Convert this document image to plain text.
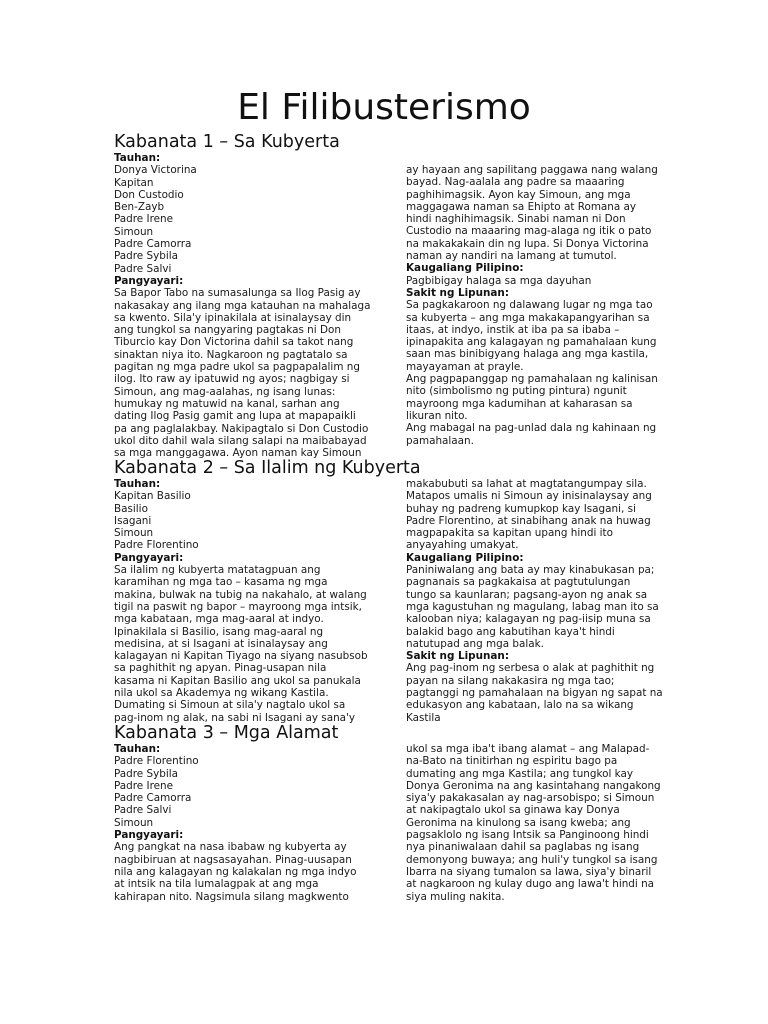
El Filibusterismo
Kabanata 1 – Sa Kubyerta
Tauhan:
Donya Victorina
Kapitan
Don Custodio
Ben-Zayb
Padre Irene
Simoun
Padre Camorra
Padre Sybila
Padre Salvi
Pangyayari:
Sa Bapor Tabo na sumasalunga sa Ilog Pasig ay
nakasakay ang ilang mga katauhan na mahalaga
sa kwento. Sila'y ipinakilala at isinalaysay din
ang tungkol sa nangyaring pagtakas ni Don
Tiburcio kay Don Victorina dahil sa takot nang
sinaktan niya ito. Nagkaroon ng pagtatalo sa
pagitan ng mga padre ukol sa pagpapalalim ng
ilog. Ito raw ay ipatuwid ng ayos; nagbigay si
Simoun, ang mag-aalahas, ng isang lunas:
humukay ng matuwid na kanal, sarhan ang
dating Ilog Pasig gamit ang lupa at mapapaikli
pa ang paglalakbay. Nakipagtalo si Don Custodio
ukol dito dahil wala silang salapi na maibabayad
sa mga manggagawa. Ayon naman kay Simoun
ay hayaan ang sapilitang paggawa nang walang
bayad. Nag-aalala ang padre sa maaaring
paghihimagsik. Ayon kay Simoun, ang mga
maggagawa naman sa Ehipto at Romana ay
hindi naghihimagsik. Sinabi naman ni Don
Custodio na maaaring mag-alaga ng itik o pato
na makakakain din ng lupa. Si Donya Victorina
naman ay nandiri na lamang at tumutol.
Kaugaliang Pilipino:
Pagbibigay halaga sa mga dayuhan
Sakit ng Lipunan:
Sa pagkakaroon ng dalawang lugar ng mga tao
sa kubyerta – ang mga makakapangyarihan sa
itaas, at indyo, instik at iba pa sa ibaba –
ipinapakita ang kalagayan ng pamahalaan kung
saan mas binibigyang halaga ang mga kastila,
mayayaman at prayle.
Ang pagpapanggap ng pamahalaan ng kalinisan
nito (simbolismo ng puting pintura) ngunit
mayroong mga kadumihan at kaharasan sa
likuran nito.
Ang mabagal na pag-unlad dala ng kahinaan ng
pamahalaan.
Kabanata 2 – Sa Ilalim ng Kubyerta
Tauhan:
Kapitan Basilio
Basilio
Isagani
Simoun
Padre Florentino
Pangyayari:
Sa ilalim ng kubyerta matatagpuan ang
karamihan ng mga tao – kasama ng mga
makina, bulwak na tubig na nakahalo, at walang
tigil na paswit ng bapor – mayroong mga intsik,
mga kabataan, mga mag-aaral at indyo.
Ipinakilala si Basilio, isang mag-aaral ng
medisina, at si Isagani at isinalaysay ang
kalagayan ni Kapitan Tiyago na siyang nasubsob
sa paghithit ng apyan. Pinag-usapan nila
kasama ni Kapitan Basilio ang ukol sa panukala
nila ukol sa Akademya ng wikang Kastila.
Dumating si Simoun at sila'y nagtalo ukol sa
pag-inom ng alak, na sabi ni Isagani ay sana'y
makabubuti sa lahat at magtatangumpay sila.
Matapos umalis ni Simoun ay inisinalaysay ang
buhay ng padreng kumupkop kay Isagani, si
Padre Florentino, at sinabihang anak na huwag
magpapakita sa kapitan upang hindi ito
anyayahing umakyat.
Kaugaliang Pilipino:
Paniniwalang ang bata ay may kinabukasan pa;
pagnanais sa pagkakaisa at pagtutulungan
tungo sa kaunlaran; pagsang-ayon ng anak sa
mga kagustuhan ng magulang, labag man ito sa
kalooban niya; kalagayan ng pag-iisip muna sa
balakid bago ang kabutihan kaya't hindi
natutupad ang mga balak.
Sakit ng Lipunan:
Ang pag-inom ng serbesa o alak at paghithit ng
payan na silang nakakasira ng mga tao;
pagtanggi ng pamahalaan na bigyan ng sapat na
edukasyon ang kabataan, lalo na sa wikang
Kastila
Kabanata 3 – Mga Alamat
Tauhan:
Padre Florentino
Padre Sybila
Padre Irene
Padre Camorra
Padre Salvi
Simoun
Pangyayari:
Ang pangkat na nasa ibabaw ng kubyerta ay
nagbibiruan at nagsasayahan. Pinag-uusapan
nila ang kalagayan ng kalakalan ng mga indyo
at intsik na tila lumalagpak at ang mga
kahirapan nito. Nagsimula silang magkwento
ukol sa mga iba't ibang alamat – ang Malapad-
na-Bato na tinitirhan ng espiritu bago pa
dumating ang mga Kastila; ang tungkol kay
Donya Geronima na ang kasintahang nangakong
siya'y pakakasalan ay nag-arsobispo; si Simoun
at nakipagtalo ukol sa ginawa kay Donya
Geronima na kinulong sa isang kweba; ang
pagsaklolo ng isang Intsik sa Panginoong hindi
nya pinaniwalaan dahil sa paglabas ng isang
demonyong buwaya; ang huli'y tungkol sa isang
Ibarra na siyang tumalon sa lawa, siya'y binaril
at nagkaroon ng kulay dugo ang lawa't hindi na
siya muling nakita.
